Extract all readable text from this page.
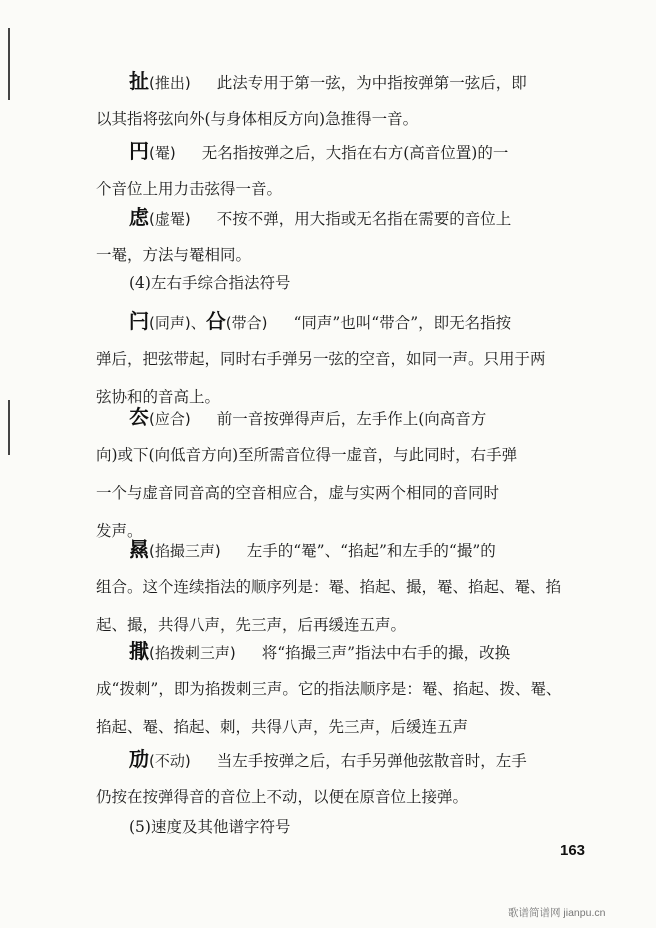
扯(推出) 此法专用于第一弦，为中指按弹第一弦后，即
以其指将弦向外(与身体相反方向)急推得一音。
円(罨) 无名指按弹之后，大指在右方(高音位置)的一
个音位上用力击弦得一音。
虑(虚罨) 不按不弹，用大指或无名指在需要的音位上
一罨，方法与罨相同。
(4)左右手综合指法符号
闩(同声)、㕣(带合) “同声”也叫“带合”，即无名指按
弹后，把弦带起，同时右手弹另一弦的空音，如同一声。只用于两
弦协和的音高上。
厺(应合) 前一音按弹得声后，左手作上(向高音方
向)或下(向低音方向)至所需音位得一虚音，与此同时，右手弹
一个与虚音同音高的空音相应合，虚与实两个相同的音同时
发声。
㬎(掐撮三声) 左手的“罨”、“掐起”和左手的“撮”的
组合。这个连续指法的顺序列是：罨、掐起、撮，罨、掐起、罨、掐
起、撮，共得八声，先三声，后再缓连五声。
㩎(掐拨刺三声) 将“掐撮三声”指法中右手的撮，改换
成“拨刺”，即为掐拨刺三声。它的指法顺序是：罨、掐起、拨、罨、
掐起、罨、掐起、刺，共得八声，先三声，后缓连五声
劢(不动) 当左手按弹之后，右手另弹他弦散音时，左手
仍按在按弹得音的音位上不动，以便在原音位上接弹。
(5)速度及其他谱字符号
163
歌谱简谱网 jianpu.cn
